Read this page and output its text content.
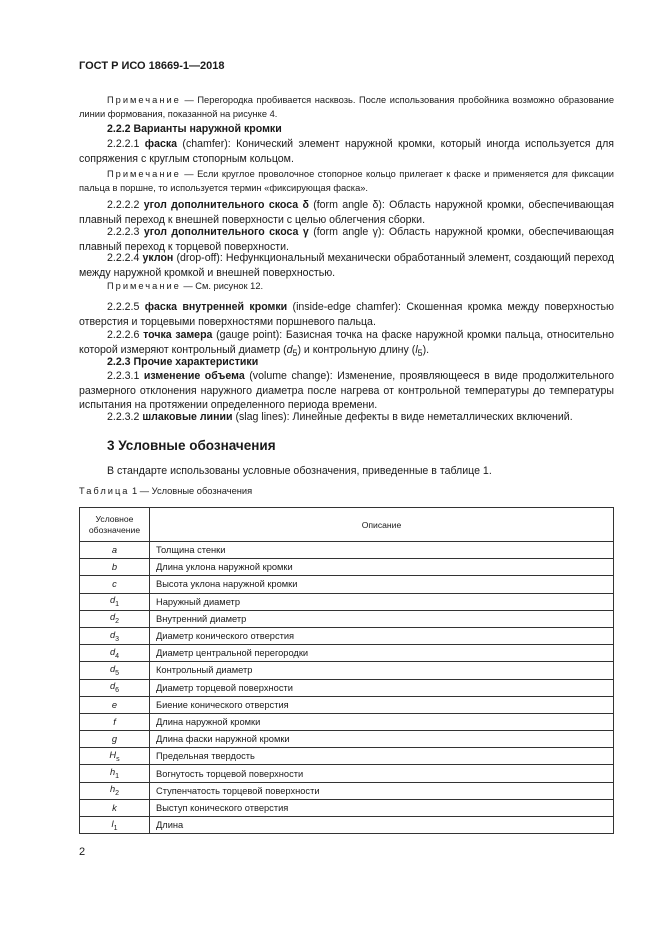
ГОСТ Р ИСО 18669-1—2018
Примечание — Перегородка пробивается насквозь. После использования пробойника возможно образование линии формования, показанной на рисунке 4.
2.2.2 Варианты наружной кромки
2.2.2.1 фаска (chamfer): Конический элемент наружной кромки, который иногда используется для сопряжения с круглым стопорным кольцом.
Примечание — Если круглое проволочное стопорное кольцо прилегает к фаске и применяется для фиксации пальца в поршне, то используется термин «фиксирующая фаска».
2.2.2.2 угол дополнительного скоса δ (form angle δ): Область наружной кромки, обеспечивающая плавный переход к внешней поверхности с целью облегчения сборки.
2.2.2.3 угол дополнительного скоса γ (form angle γ): Область наружной кромки, обеспечивающая плавный переход к торцевой поверхности.
2.2.2.4 уклон (drop-off): Нефункциональный механически обработанный элемент, создающий переход между наружной кромкой и внешней поверхностью.
Примечание — См. рисунок 12.
2.2.2.5 фаска внутренней кромки (inside-edge chamfer): Скошенная кромка между поверхностью отверстия и торцевыми поверхностями поршневого пальца.
2.2.2.6 точка замера (gauge point): Базисная точка на фаске наружной кромки пальца, относительно которой измеряют контрольный диаметр $(d_5)$ и контрольную длину $(l_5)$.
2.2.3 Прочие характеристики
2.2.3.1 изменение объема (volume change): Изменение, проявляющееся в виде продолжительного размерного отклонения наружного диаметра после нагрева от контрольной температуры до температуры испытания на протяжении определенного периода времени.
2.2.3.2 шлаковые линии (slag lines): Линейные дефекты в виде неметаллических включений.
3 Условные обозначения
В стандарте использованы условные обозначения, приведенные в таблице 1.
Таблица 1 — Условные обозначения
Условное обозначение	Описание
a	Толщина стенки
b	Длина уклона наружной кромки
c	Высота уклона наружной кромки
$d_1$	Наружный диаметр
$d_2$	Внутренний диаметр
$d_3$	Диаметр конического отверстия
$d_4$	Диаметр центральной перегородки
$d_5$	Контрольный диаметр
$d_6$	Диаметр торцевой поверхности
e	Биение конического отверстия
f	Длина наружной кромки
g	Длина фаски наружной кромки
$H_s$	Предельная твердость
$h_1$	Вогнутость торцевой поверхности
$h_2$	Ступенчатость торцевой поверхности
k	Выступ конического отверстия
$l_1$	Длина
2
